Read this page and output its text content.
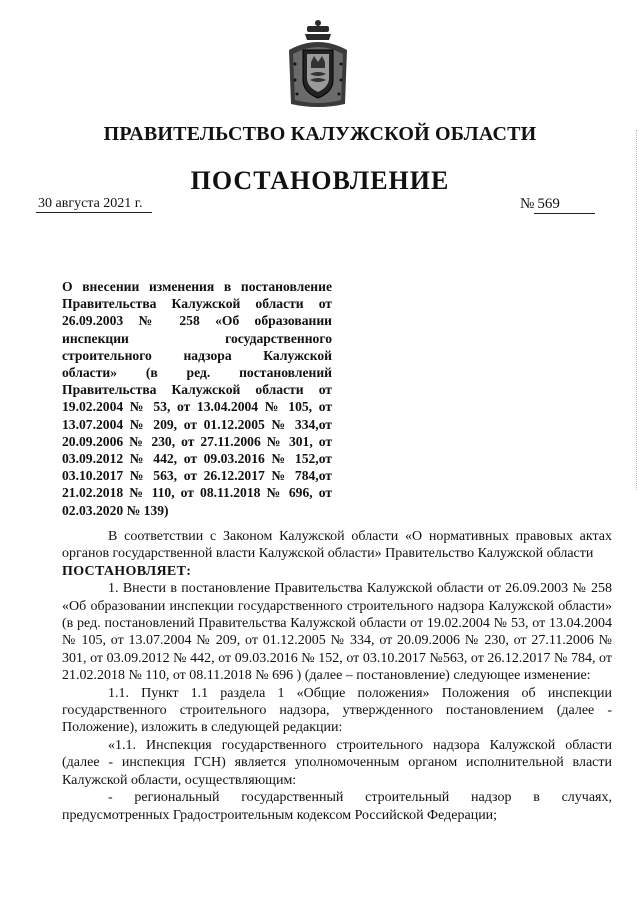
ПРАВИТЕЛЬСТВО КАЛУЖСКОЙ ОБЛАСТИ
ПОСТАНОВЛЕНИЕ
30 августа 2021 г.	№ 569
О внесении изменения в постановление Правительства Калужской области от 26.09.2003 № 258 «Об образовании инспекции государственного строительного надзора Калужской области» (в ред. постановлений Правительства Калужской области от 19.02.2004 № 53, от 13.04.2004 № 105, от 13.07.2004 № 209, от 01.12.2005 № 334,от 20.09.2006 № 230, от 27.11.2006 № 301, от 03.09.2012 № 442, от 09.03.2016 № 152,от 03.10.2017 № 563, от 26.12.2017 № 784,от 21.02.2018 № 110, от 08.11.2018 № 696, от 02.03.2020 № 139)

В соответствии с Законом Калужской области «О нормативных правовых актах органов государственной власти Калужской области» Правительство Калужской области

ПОСТАНОВЛЯЕТ:

1. Внести в постановление Правительства Калужской области от 26.09.2003 № 258 «Об образовании инспекции государственного строительного надзора Калужской области» (в ред. постановлений Правительства Калужской области от 19.02.2004 № 53, от 13.04.2004 № 105, от 13.07.2004 № 209, от 01.12.2005 № 334, от 20.09.2006 № 230, от 27.11.2006 № 301, от 03.09.2012 № 442, от 09.03.2016 № 152, от 03.10.2017 №563, от 26.12.2017 № 784, от 21.02.2018 № 110, от 08.11.2018 № 696 ) (далее – постановление) следующее изменение:

1.1. Пункт 1.1 раздела 1 «Общие положения» Положения об инспекции государственного строительного надзора, утвержденного постановлением (далее - Положение), изложить в следующей редакции:

«1.1. Инспекция государственного строительного надзора Калужской области (далее - инспекция ГСН) является уполномоченным органом исполнительной власти Калужской области, осуществляющим:

- региональный государственный строительный надзор в случаях, предусмотренных Градостроительным кодексом Российской Федерации;
